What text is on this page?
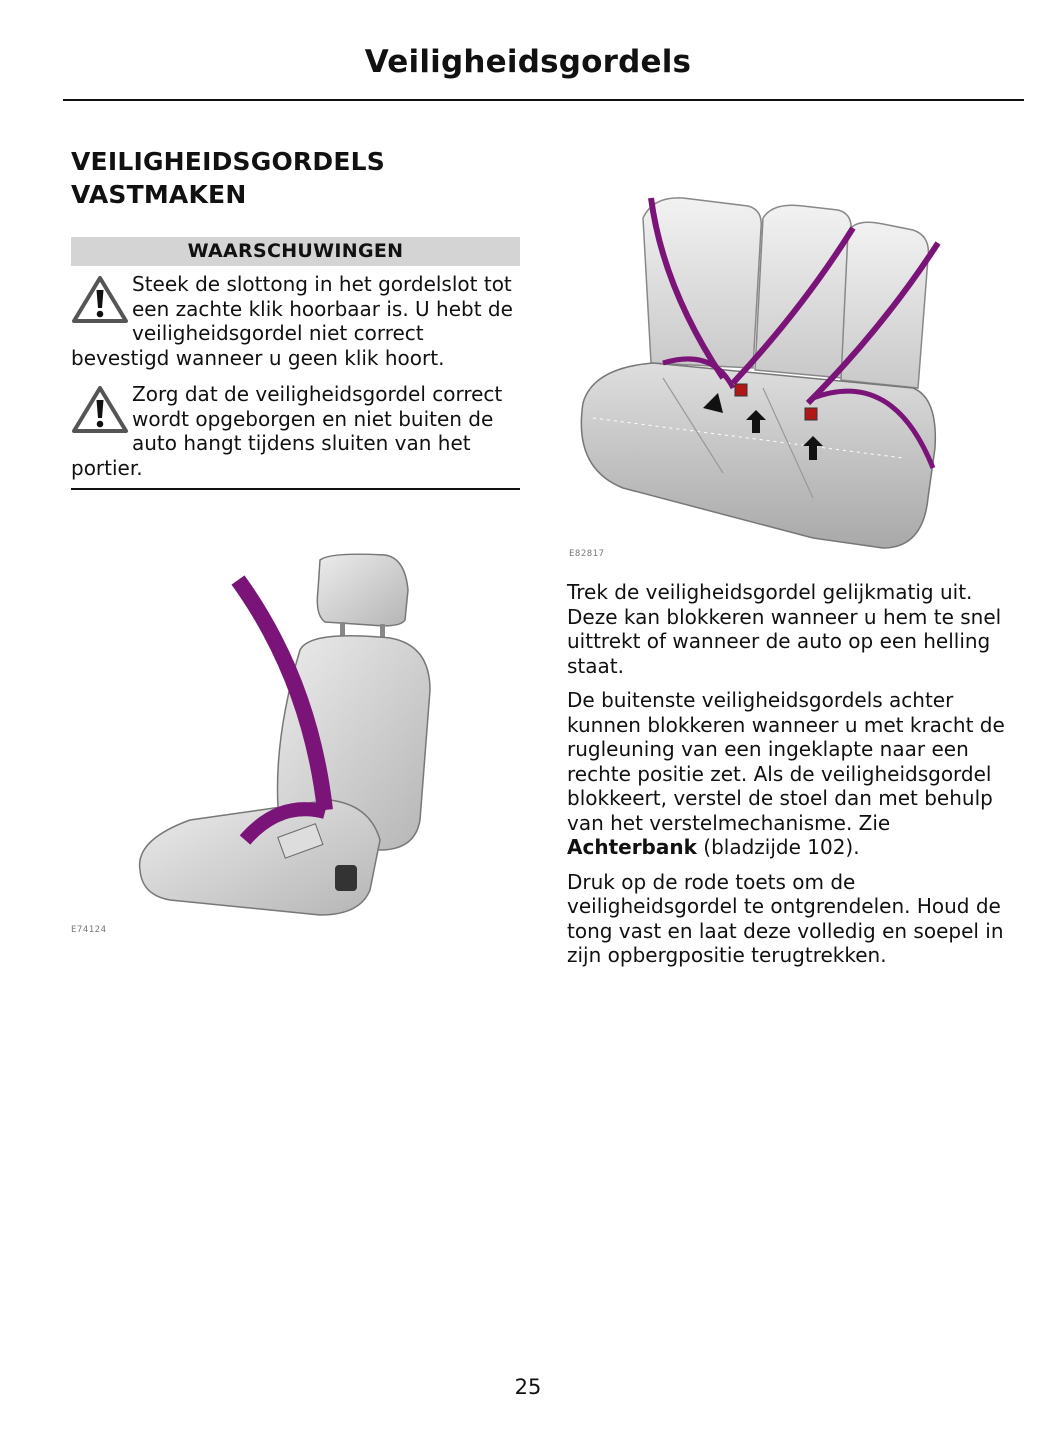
Veiligheidsgordels
VEILIGHEIDSGORDELS
VASTMAKEN
WAARSCHUWINGEN
Steek de slottong in het gordelslot tot een zachte klik hoorbaar is. U hebt de veiligheidsgordel niet correct bevestigd wanneer u geen klik hoort.
Zorg dat de veiligheidsgordel correct wordt opgeborgen en niet buiten de auto hangt tijdens sluiten van het portier.
E82817
E74124

Trek de veiligheidsgordel gelijkmatig uit. Deze kan blokkeren wanneer u hem te snel uittrekt of wanneer de auto op een helling staat.

De buitenste veiligheidsgordels achter kunnen blokkeren wanneer u met kracht de rugleuning van een ingeklapte naar een rechte positie zet. Als de veiligheidsgordel blokkeert, verstel de stoel dan met behulp van het verstelmechanisme. Zie Achterbank (bladzijde 102).

Druk op de rode toets om de veiligheidsgordel te ontgrendelen. Houd de tong vast en laat deze volledig en soepel in zijn opbergpositie terugtrekken.

25
